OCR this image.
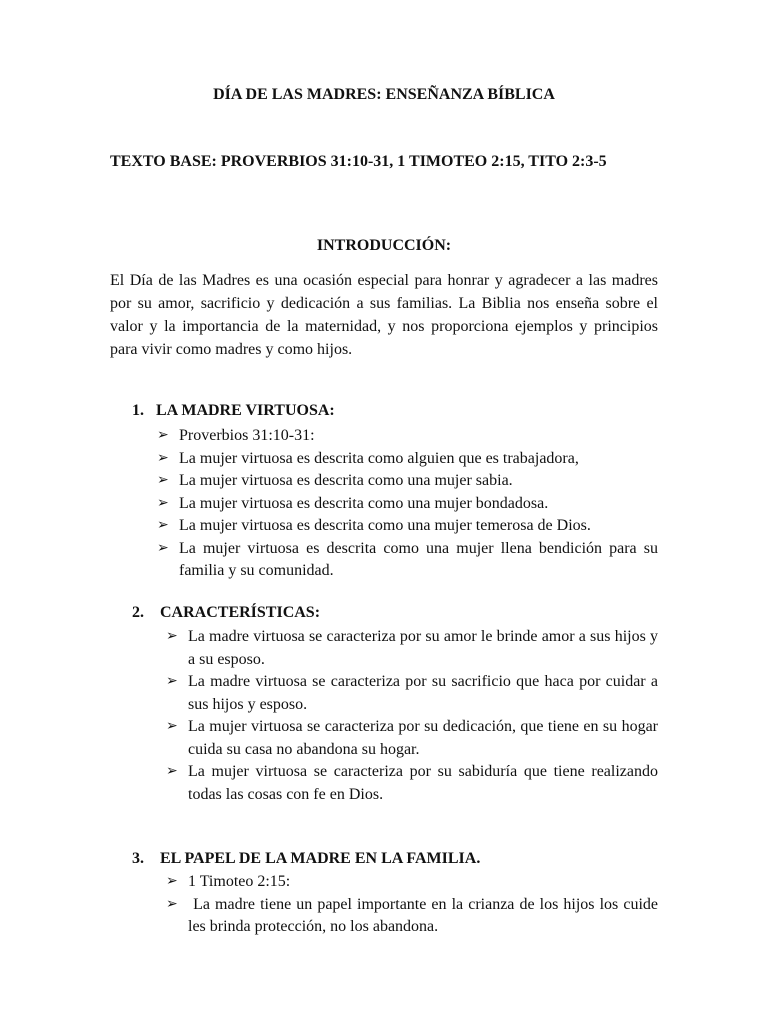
DÍA DE LAS MADRES: ENSEÑANZA BÍBLICA
TEXTO BASE: PROVERBIOS 31:10-31, 1 TIMOTEO 2:15, TITO 2:3-5
INTRODUCCIÓN:
El Día de las Madres es una ocasión especial para honrar y agradecer a las madres por su amor, sacrificio y dedicación a sus familias. La Biblia nos enseña sobre el valor y la importancia de la maternidad, y nos proporciona ejemplos y principios para vivir como madres y como hijos.
1. LA MADRE VIRTUOSA:
➢ Proverbios 31:10-31:
➢ La mujer virtuosa es descrita como alguien que es trabajadora,
➢ La mujer virtuosa es descrita como una mujer sabia.
➢ La mujer virtuosa es descrita como una mujer bondadosa.
➢ La mujer virtuosa es descrita como una mujer temerosa de Dios.
➢ La mujer virtuosa es descrita como una mujer llena bendición para su familia y su comunidad.
2. CARACTERÍSTICAS:
➢ La madre virtuosa se caracteriza por su amor le brinde amor a sus hijos y a su esposo.
➢ La madre virtuosa se caracteriza por su sacrificio que haca por cuidar a sus hijos y esposo.
➢ La mujer virtuosa se caracteriza por su dedicación, que tiene en su hogar cuida su casa no abandona su hogar.
➢ La mujer virtuosa se caracteriza por su sabiduría que tiene realizando todas las cosas con fe en Dios.
3. EL PAPEL DE LA MADRE EN LA FAMILIA.
➢ 1 Timoteo 2:15:
➢ La madre tiene un papel importante en la crianza de los hijos los cuide les brinda protección, no los abandona.
